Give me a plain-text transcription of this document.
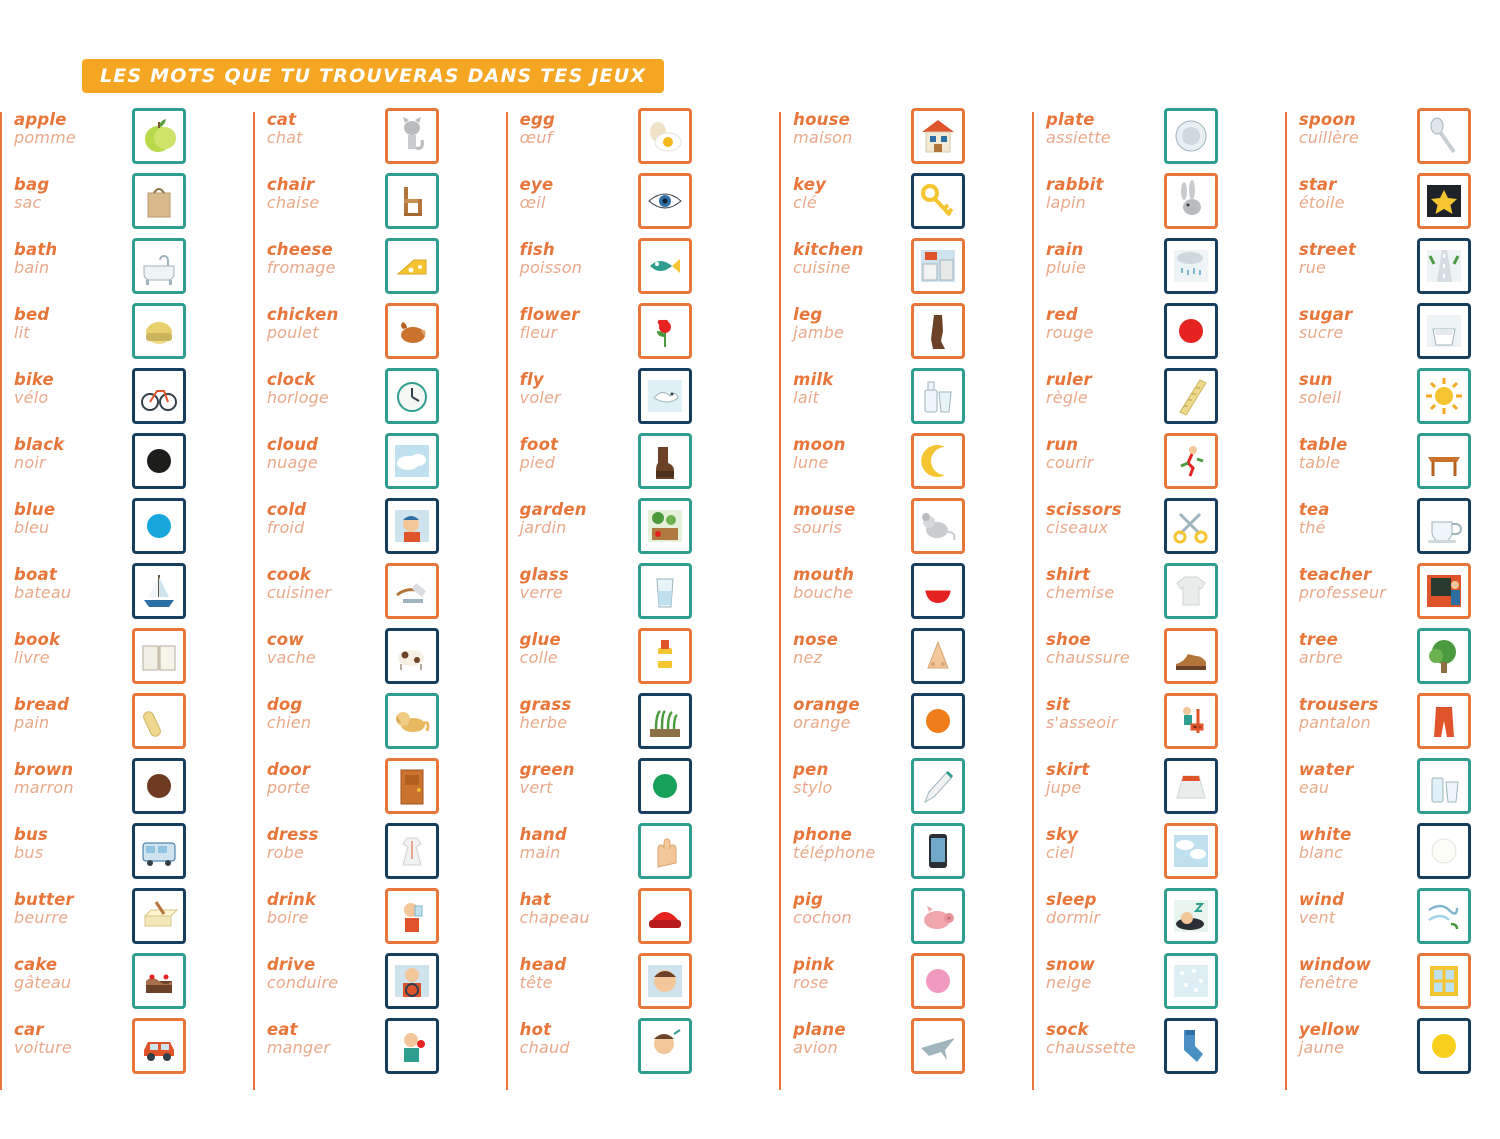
LES MOTS QUE TU TROUVERAS DANS TES JEUX
apple
pomme
bag
sac
bath
bain
bed
lit
bike
vélo
black
noir
blue
bleu
boat
bateau
book
livre
bread
pain
brown
marron
bus
bus
butter
beurre
cake
gâteau
car
voiture
cat
chat
chair
chaise
cheese
fromage
chicken
poulet
clock
horloge
cloud
nuage
cold
froid
cook
cuisiner
cow
vache
dog
chien
door
porte
dress
robe
drink
boire
drive
conduire
eat
manger
egg
œuf
eye
œil
fish
poisson
flower
fleur
fly
voler
foot
pied
garden
jardin
glass
verre
glue
colle
grass
herbe
green
vert
hand
main
hat
chapeau
head
tête
hot
chaud
house
maison
key
clé
kitchen
cuisine
leg
jambe
milk
lait
moon
lune
mouse
souris
mouth
bouche
nose
nez
orange
orange
pen
stylo
phone
téléphone
pig
cochon
pink
rose
plane
avion
plate
assiette
rabbit
lapin
rain
pluie
red
rouge
ruler
règle
run
courir
scissors
ciseaux
shirt
chemise
shoe
chaussure
sit
s'asseoir
skirt
jupe
sky
ciel
sleep
dormir
snow
neige
sock
chaussette
spoon
cuillère
star
étoile
street
rue
sugar
sucre
sun
soleil
table
table
tea
thé
teacher
professeur
tree
arbre
trousers
pantalon
water
eau
white
blanc
wind
vent
window
fenêtre
yellow
jaune
